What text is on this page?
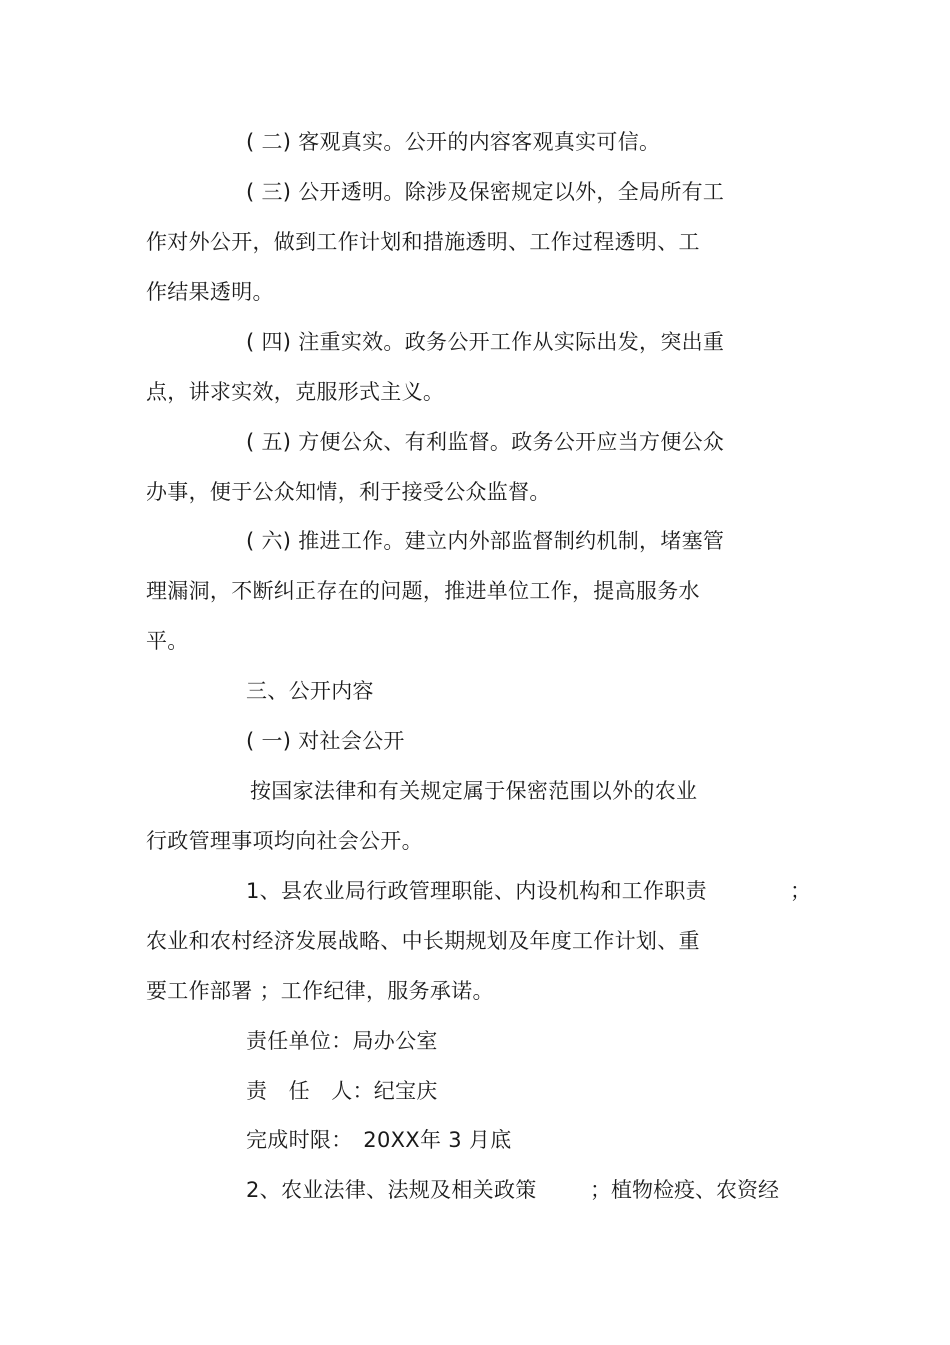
( 二) 客观真实。公开的内容客观真实可信。
( 三) 公开透明。除涉及保密规定以外，全局所有工
作对外公开，做到工作计划和措施透明、工作过程透明、工
作结果透明。
( 四) 注重实效。政务公开工作从实际出发，突出重
点，讲求实效，克服形式主义。
( 五) 方便公众、有利监督。政务公开应当方便公众
办事，便于公众知情，利于接受公众监督。
( 六) 推进工作。建立内外部监督制约机制，堵塞管
理漏洞，不断纠正存在的问题，推进单位工作，提高服务水
平。
三、公开内容
( 一) 对社会公开
按国家法律和有关规定属于保密范围以外的农业
行政管理事项均向社会公开。
1、县农业局行政管理职能、内设机构和工作职责	；
农业和农村经济发展战略、中长期规划及年度工作计划、重
要工作部署 ；工作纪律，服务承诺。
责任单位：局办公室
责　任　人：纪宝庆
完成时限：　20XX年 3 月底
2、农业法律、法规及相关政策	；植物检疫、农资经
